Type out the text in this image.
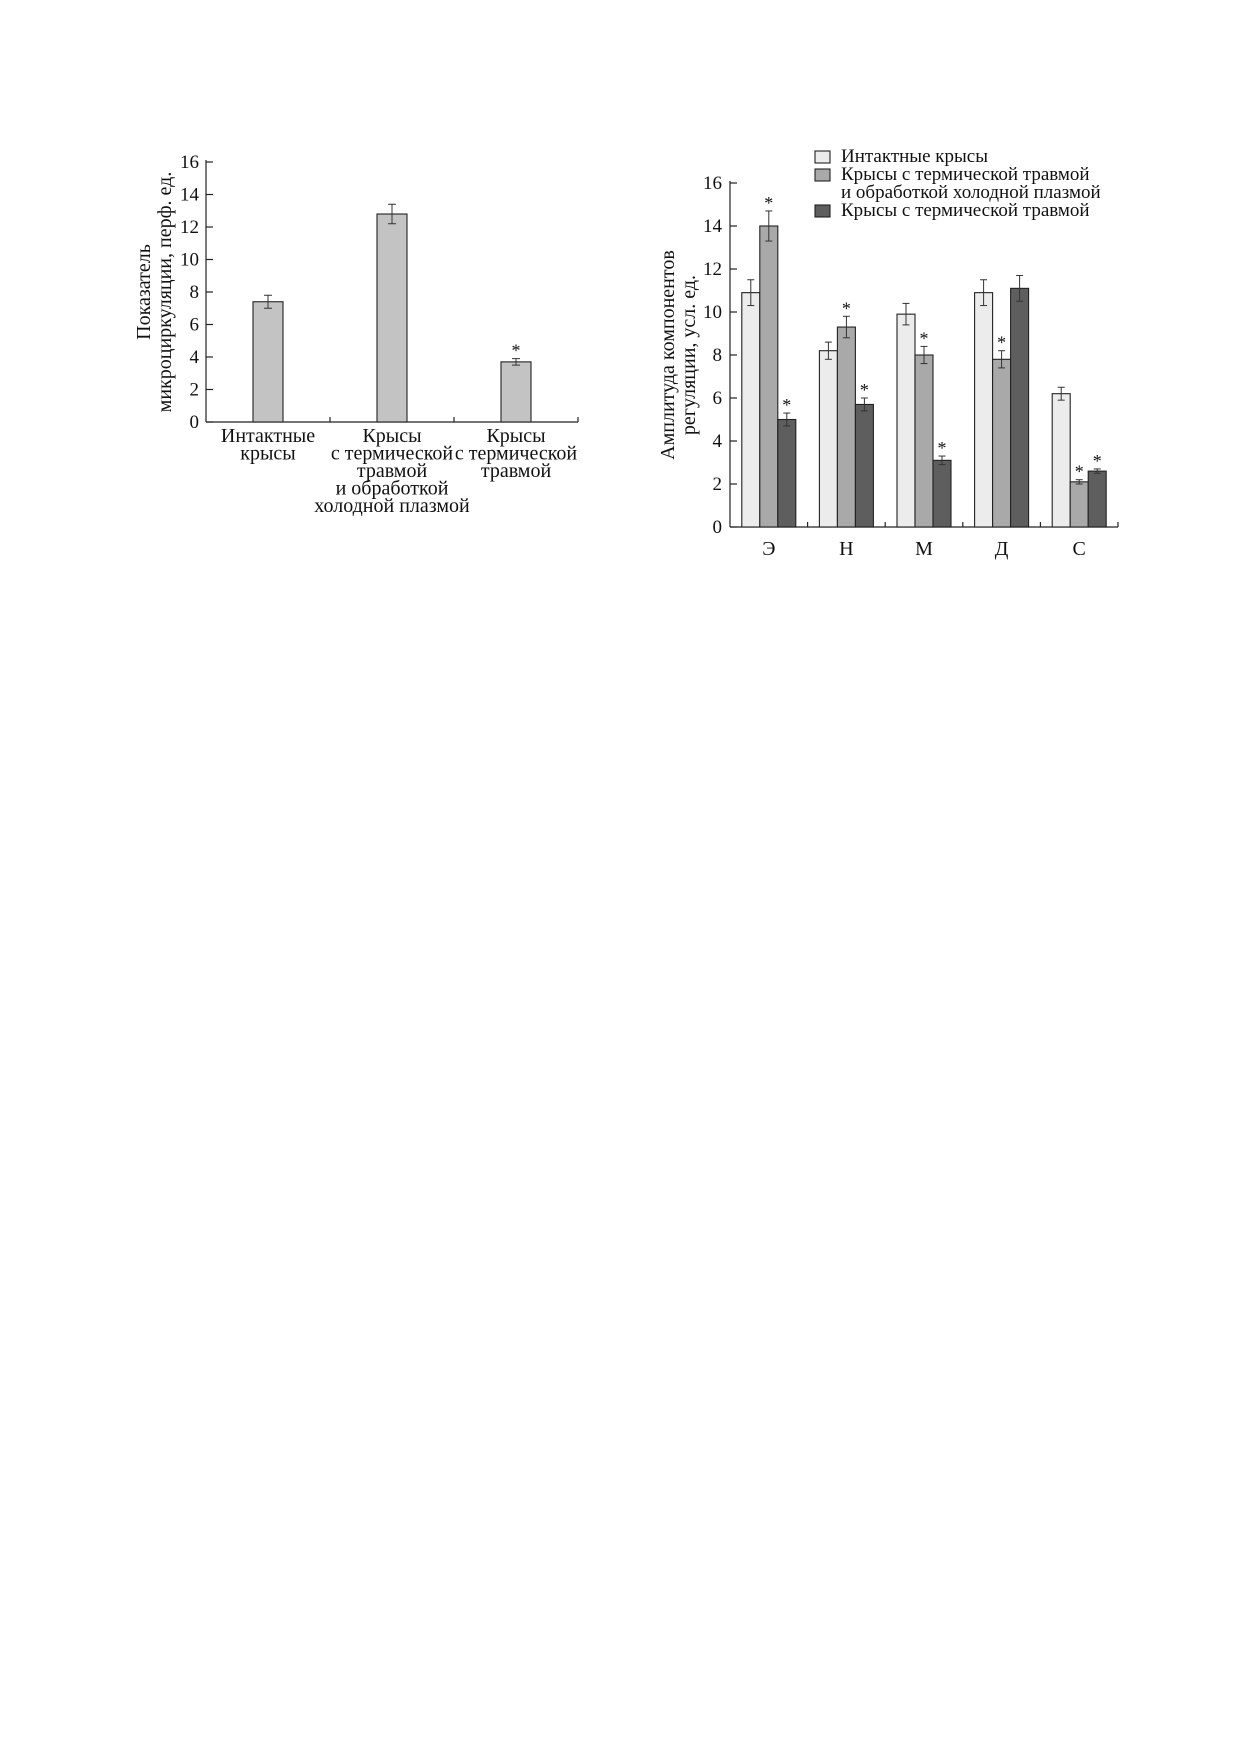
0
2
4
6
8
10
12
14
16
Интактные
крысы
Крысы
с термической
травмой
и обработкой
холодной плазмой
*
Крысы
с термической
травмой
Показатель микроциркуляции, перф. ед.
0
2
4
6
8
10
12
14
16
Э
*
*
Н
*
*
М
*
*
Д
*
С
*
*
Амплитуда компонентов регуляции, усл. ед.
Интактные крысы
Крысы с термической травмой
и обработкой холодной плазмой
Крысы с термической травмой
